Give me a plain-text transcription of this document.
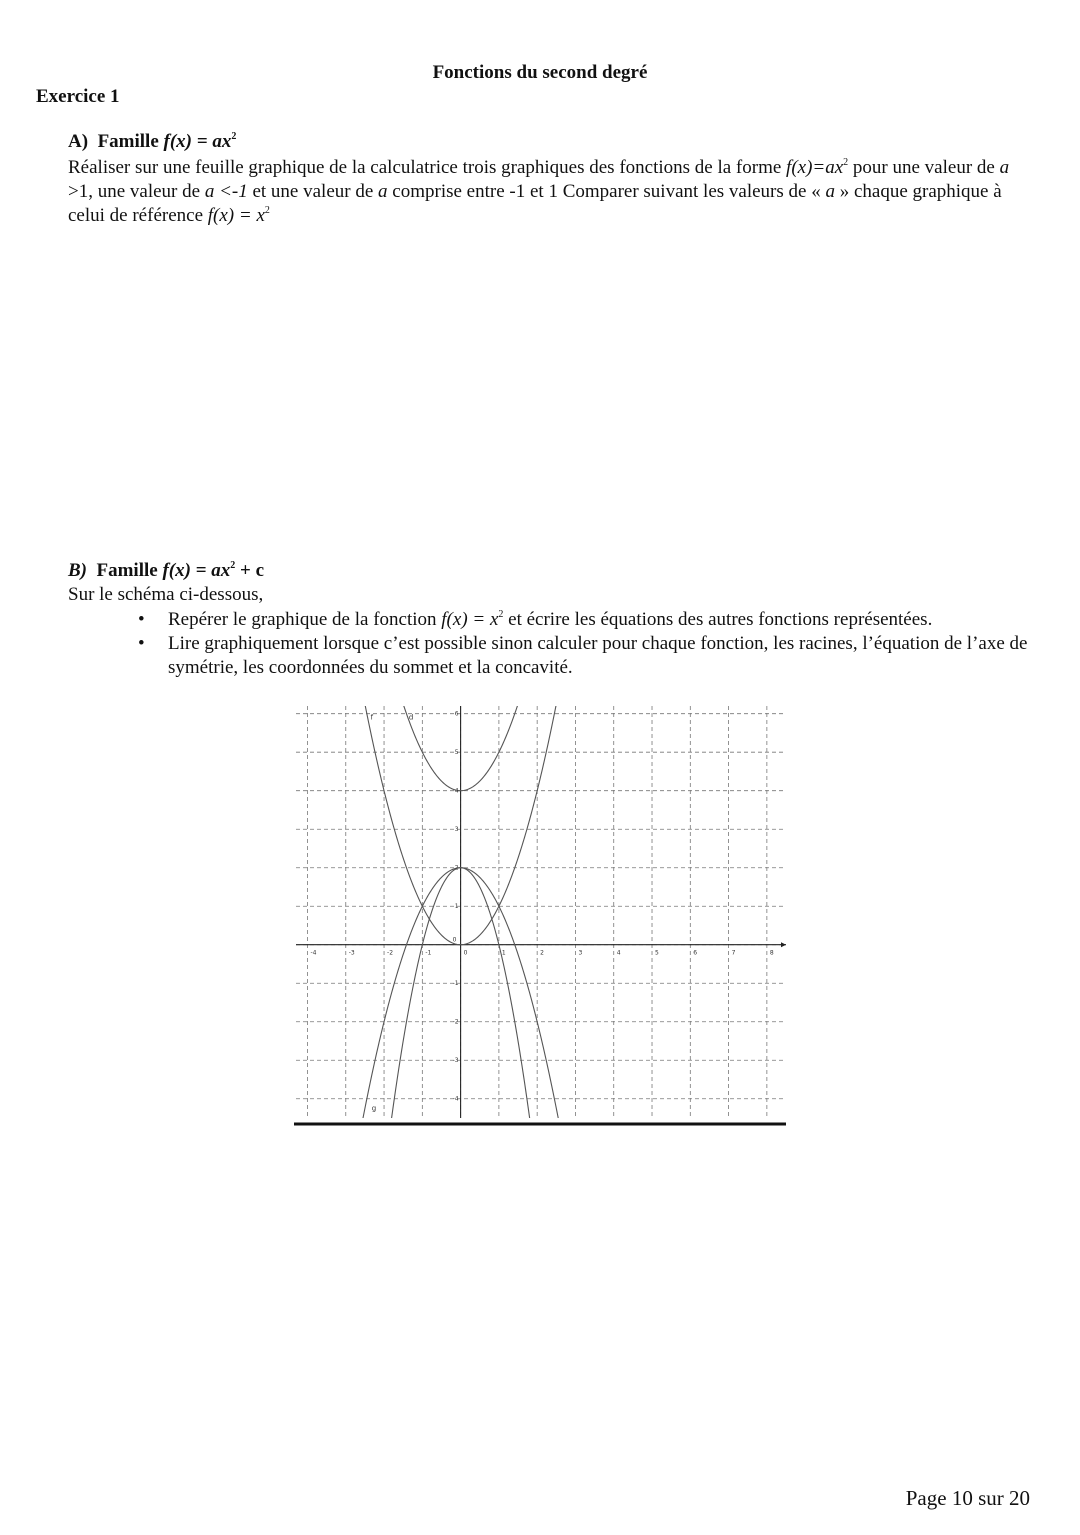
Fonctions du second degré
Exercice 1
A) Famille $f(x) = ax^2$
Réaliser sur une feuille graphique de la calculatrice trois graphiques des fonctions de la forme $f(x)=ax^2$ pour une valeur de a >1, une valeur de a <-1 et une valeur de a comprise entre -1 et 1 Comparer suivant les valeurs de « a » chaque graphique à celui de référence $f(x) = x^2$
B) Famille $f(x) = ax^2 + c$
Sur le schéma ci-dessous,
• Repérer le graphique de la fonction $f(x) = x^2$ et écrire les équations des autres fonctions représentées.
• Lire graphiquement lorsque c’est possible sinon calculer pour chaque fonction, les racines, l’équation de l’axe de symétrie, les coordonnées du sommet et la concavité.
-4	-3	-2	-1	0	1	2	3	4	5	6	7	8
6
5
4
3
2
1
0
-1
-2
-3
-4
f	d
g
Page 10 sur 20
